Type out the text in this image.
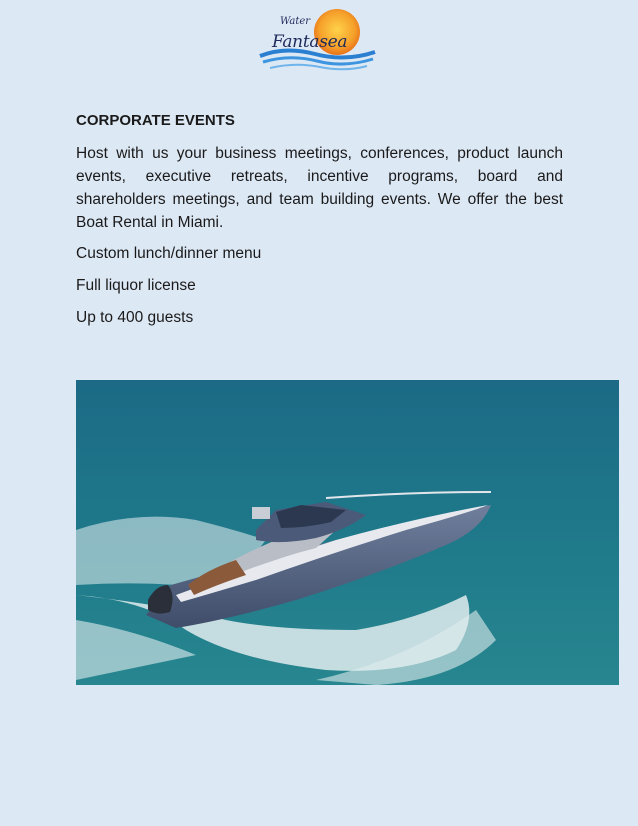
Water
Fantasea

CORPORATE EVENTS

Host with us your business meetings, conferences, product launch events, executive retreats, incentive programs, board and shareholders meetings, and team building events. We offer the best Boat Rental in Miami.

Custom lunch/dinner menu

Full liquor license

Up to 400 guests
